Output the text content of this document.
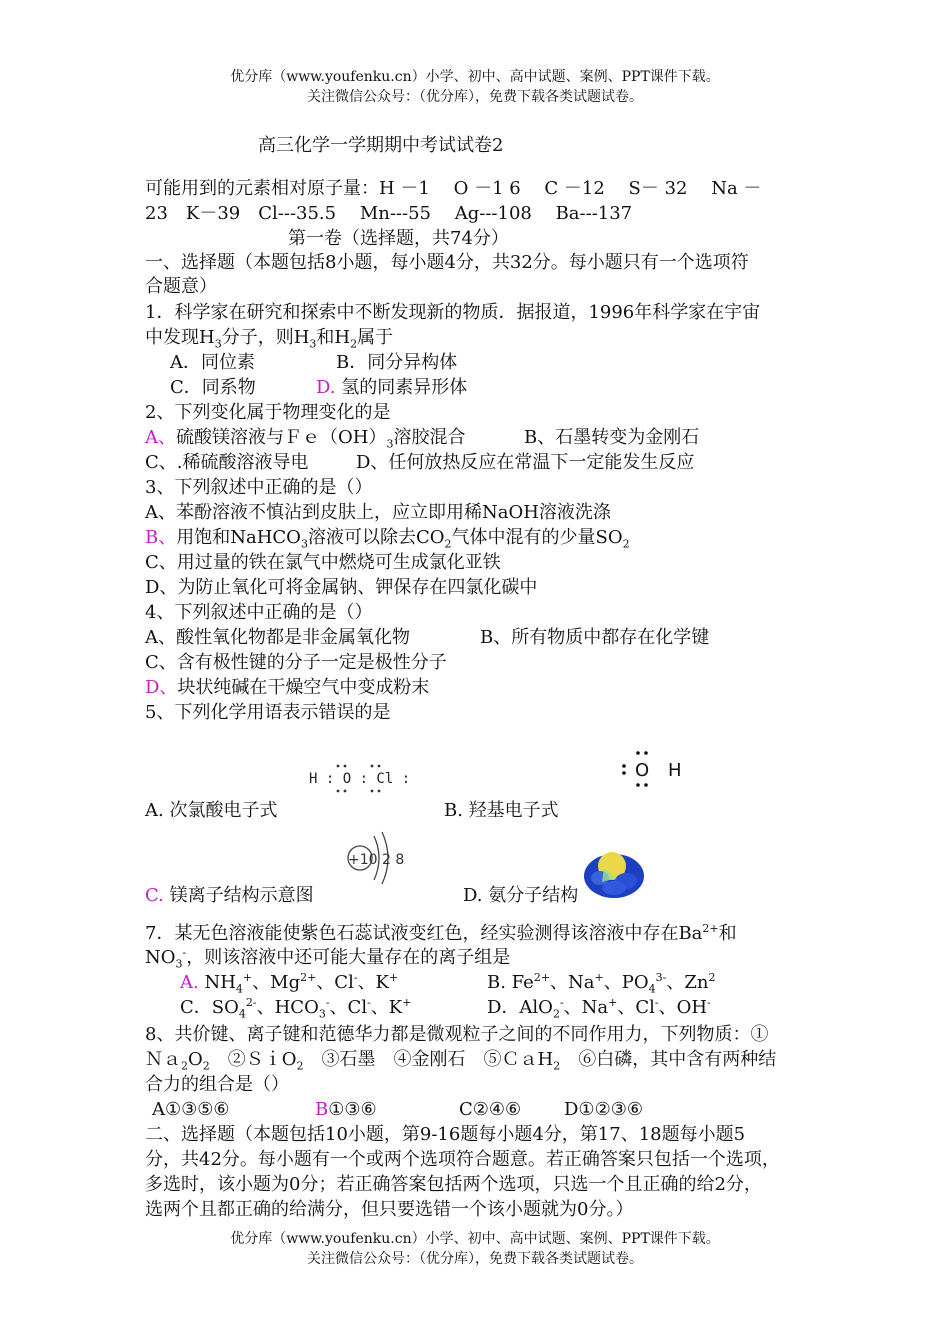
优分库（www.youfenku.cn）小学、初中、高中试题、案例、PPT课件下载。
关注微信公众号：（优分库），免费下载各类试题试卷。
高三化学一学期期中考试试卷2
可能用到的元素相对原子量：H －1　 O －1 6　 C －12　 S－ 32　 Na －
23　K－39　Cl---35.5　 Mn---55　 Ag---108　 Ba---137
第一卷（选择题，共74分）
一、选择题（本题包括8小题，每小题4分，共32分。每小题只有一个选项符
合题意）
1．科学家在研究和探索中不断发现新的物质．据报道，1996年科学家在宇宙
中发现$H_3$分子，则$H_3$和$H_2$属于
A．同位素	B．同分异构体
C．同系物	D. 氢的同素异形体
2、下列变化属于物理变化的是
A、硫酸镁溶液与$Fe(OH)_3$溶胶混合	B、石墨转变为金刚石
C、.稀硫酸溶液导电	D、任何放热反应在常温下一定能发生反应
3、下列叙述中正确的是（）
A、苯酚溶液不慎沾到皮肤上，应立即用稀NaOH溶液洗涤
B、用饱和NaHCO$_3$溶液可以除去$CO_2$气体中混有的少量$SO_2$
C、用过量的铁在氯气中燃烧可生成氯化亚铁
D、为防止氧化可将金属钠、钾保存在四氯化碳中
4、下列叙述中正确的是（）
A、酸性氧化物都是非金属氧化物	B、所有物质中都存在化学键
C、含有极性键的分子一定是极性分子
D、块状纯碱在干燥空气中变成粉末
5、下列化学用语表示错误的是
H : O : Cl :	O H
A. 次氯酸电子式	B. 羟基电子式
+10 2 8
C. 镁离子结构示意图	D. 氨分子结构
7．某无色溶液能使紫色石蕊试液变红色，经实验测得该溶液中存在$Ba^{2+}$和
$NO_3^-$，则该溶液中还可能大量存在的离子组是
A. $NH_4^+$、$Mg^{2+}$、Cl-、K+	B. $Fe^{2+}$、Na+、$PO_4^{3-}$、Zn$^2$
C．$SO_4^{2-}$、$HCO_3^-$、Cl-、K+	D．AlO$_2$-、Na+、Cl-、OH-
8、共价键、离子键和范德华力都是微观粒子之间的不同作用力，下列物质：①
$Na_2O_2$　②ＳｉO$_2$　③石墨　④金刚石　⑤ＣａH$_2$　⑥白磷，其中含有两种结
合力的组合是（）
A①③⑤⑥	B①③⑥	C②④⑥ D①②③⑥
二、选择题（本题包括10小题，第9-16题每小题4分，第17、18题每小题5
分，共42分。每小题有一个或两个选项符合题意。若正确答案只包括一个选项，
多选时，该小题为0分；若正确答案包括两个选项，只选一个且正确的给2分，
选两个且都正确的给满分，但只要选错一个该小题就为0分。）
优分库（www.youfenku.cn）小学、初中、高中试题、案例、PPT课件下载。
关注微信公众号：（优分库），免费下载各类试题试卷。
